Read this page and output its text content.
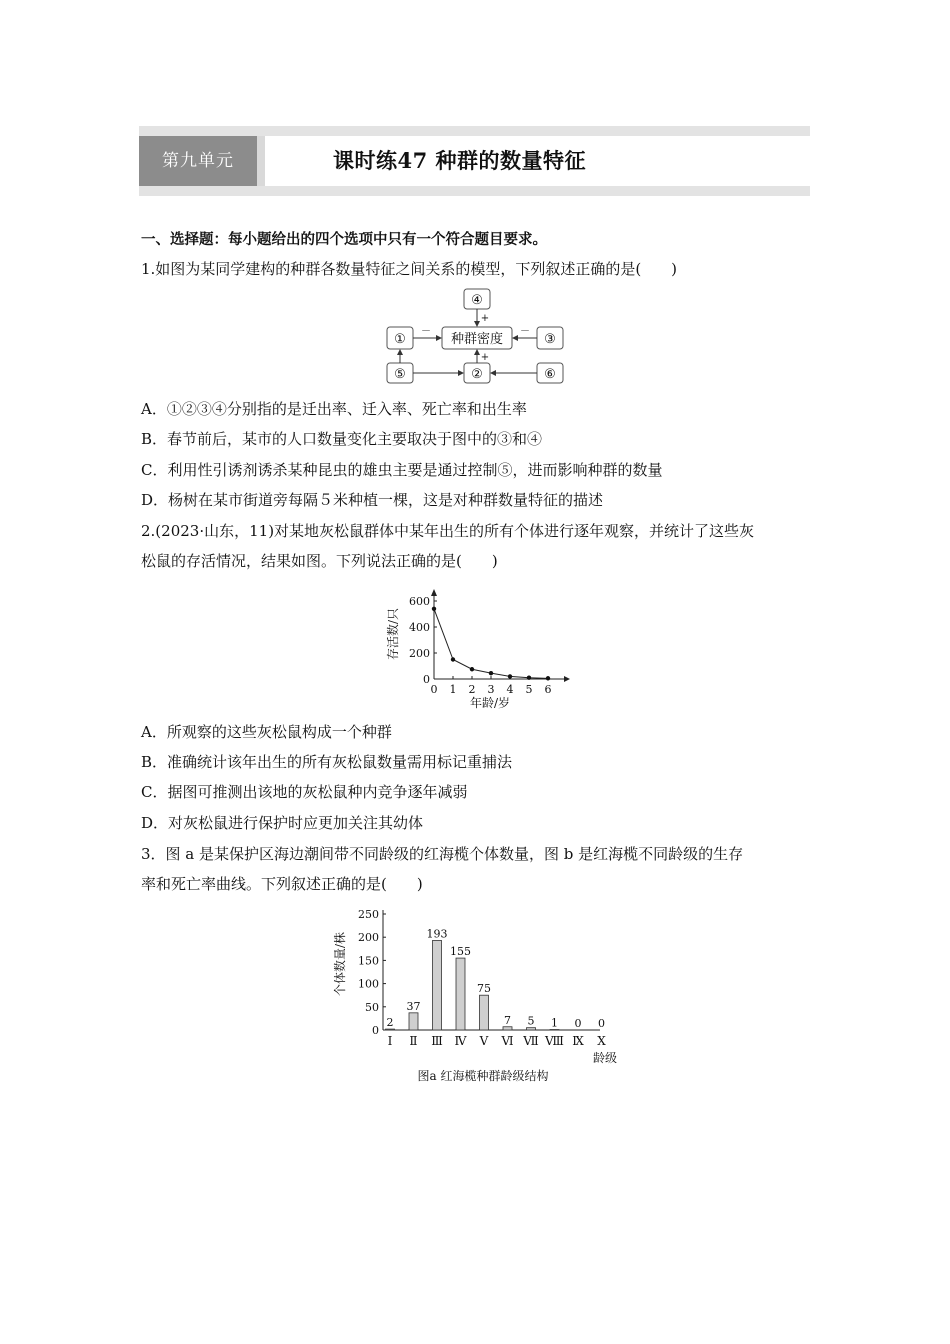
第九单元	课时练47 种群的数量特征
一、选择题：每小题给出的四个选项中只有一个符合题目要求。
1.如图为某同学建构的种群各数量特征之间关系的模型，下列叙述正确的是(　　)
④
种群密度
①	③
⑤	②	⑥
－	－
+
+
A．①②③④分别指的是迁出率、迁入率、死亡率和出生率
B．春节前后，某市的人口数量变化主要取决于图中的③和④
C．利用性引诱剂诱杀某种昆虫的雄虫主要是通过控制⑤，进而影响种群的数量
D．杨树在某市街道旁每隔５米种植一棵，这是对种群数量特征的描述
2.(2023·山东，11)对某地灰松鼠群体中某年出生的所有个体进行逐年观察，并统计了这些灰
松鼠的存活情况，结果如图。下列说法正确的是(　　)
0
200
400
600
0 1 2 3 4 5 6
年龄/岁
存活数/只
A．所观察的这些灰松鼠构成一个种群
B．准确统计该年出生的所有灰松鼠数量需用标记重捕法
C．据图可推测出该地的灰松鼠种内竞争逐年减弱
D．对灰松鼠进行保护时应更加关注其幼体
3．图 a 是某保护区海边潮间带不同龄级的红海榄个体数量，图 b 是红海榄不同龄级的生存
率和死亡率曲线。下列叙述正确的是(　　)
0
50
100
150
200
250
2
Ⅰ
37
Ⅱ
193
Ⅲ
155
Ⅳ
75
Ⅴ
7
Ⅵ
5
Ⅶ
1
Ⅷ
0
Ⅸ
0
Ⅹ
龄级
个体数量/株
图a 红海榄种群龄级结构
